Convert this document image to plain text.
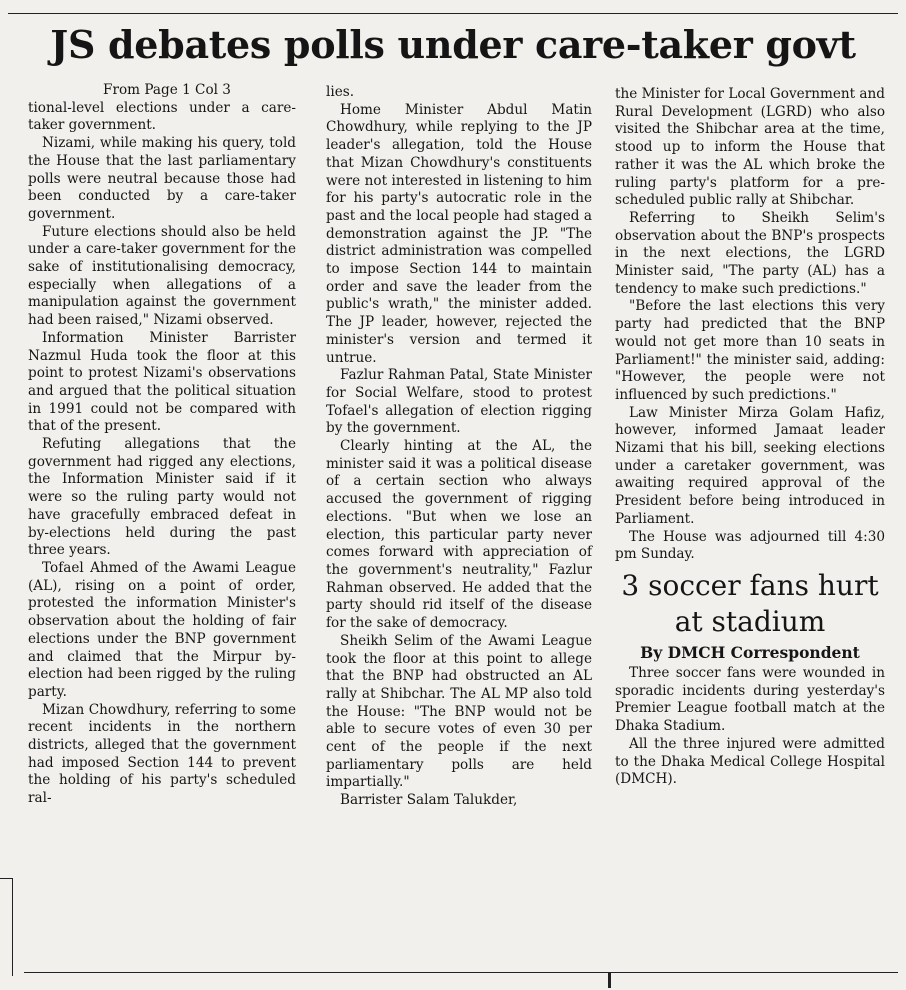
JS debates polls under care-taker govt

From Page 1 Col 3

tional-level elections under a care-taker government.

Nizami, while making his query, told the House that the last parliamentary polls were neutral because those had been conducted by a care-taker government.

Future elections should also be held under a care-taker government for the sake of institutionalising democracy, especially when allegations of a manipulation against the government had been raised," Nizami observed.

Information Minister Barrister Nazmul Huda took the floor at this point to protest Nizami's observations and argued that the political situation in 1991 could not be compared with that of the present.

Refuting allegations that the government had rigged any elections, the Information Minister said if it were so the ruling party would not have gracefully embraced defeat in by-elections held during the past three years.

Tofael Ahmed of the Awami League (AL), rising on a point of order, protested the information Minister's observation about the holding of fair elections under the BNP government and claimed that the Mirpur by-election had been rigged by the ruling party.

Mizan Chowdhury, referring to some recent incidents in the northern districts, alleged that the government had imposed Section 144 to prevent the holding of his party's scheduled ral-

lies.

Home Minister Abdul Matin Chowdhury, while replying to the JP leader's allegation, told the House that Mizan Chowdhury's constituents were not interested in listening to him for his party's autocratic role in the past and the local people had staged a demonstration against the JP. "The district administration was compelled to impose Section 144 to maintain order and save the leader from the public's wrath," the minister added. The JP leader, however, rejected the minister's version and termed it untrue.

Fazlur Rahman Patal, State Minister for Social Welfare, stood to protest Tofael's allegation of election rigging by the government.

Clearly hinting at the AL, the minister said it was a political disease of a certain section who always accused the government of rigging elections. "But when we lose an election, this particular party never comes forward with appreciation of the government's neutrality," Fazlur Rahman observed. He added that the party should rid itself of the disease for the sake of democracy.

Sheikh Selim of the Awami League took the floor at this point to allege that the BNP had obstructed an AL rally at Shibchar. The AL MP also told the House: "The BNP would not be able to secure votes of even 30 per cent of the people if the next parliamentary polls are held impartially."

Barrister Salam Talukder,

the Minister for Local Government and Rural Development (LGRD) who also visited the Shibchar area at the time, stood up to inform the House that rather it was the AL which broke the ruling party's platform for a pre-scheduled public rally at Shibchar.

Referring to Sheikh Selim's observation about the BNP's prospects in the next elections, the LGRD Minister said, "The party (AL) has a tendency to make such predictions."

"Before the last elections this very party had predicted that the BNP would not get more than 10 seats in Parliament!" the minister said, adding: "However, the people were not influenced by such predictions."

Law Minister Mirza Golam Hafiz, however, informed Jamaat leader Nizami that his bill, seeking elections under a caretaker government, was awaiting required approval of the President before being introduced in Parliament.

The House was adjourned till 4:30 pm Sunday.

3 soccer fans hurt at stadium
By DMCH Correspondent

Three soccer fans were wounded in sporadic incidents during yesterday's Premier League football match at the Dhaka Stadium.

All the three injured were admitted to the Dhaka Medical College Hospital (DMCH).
